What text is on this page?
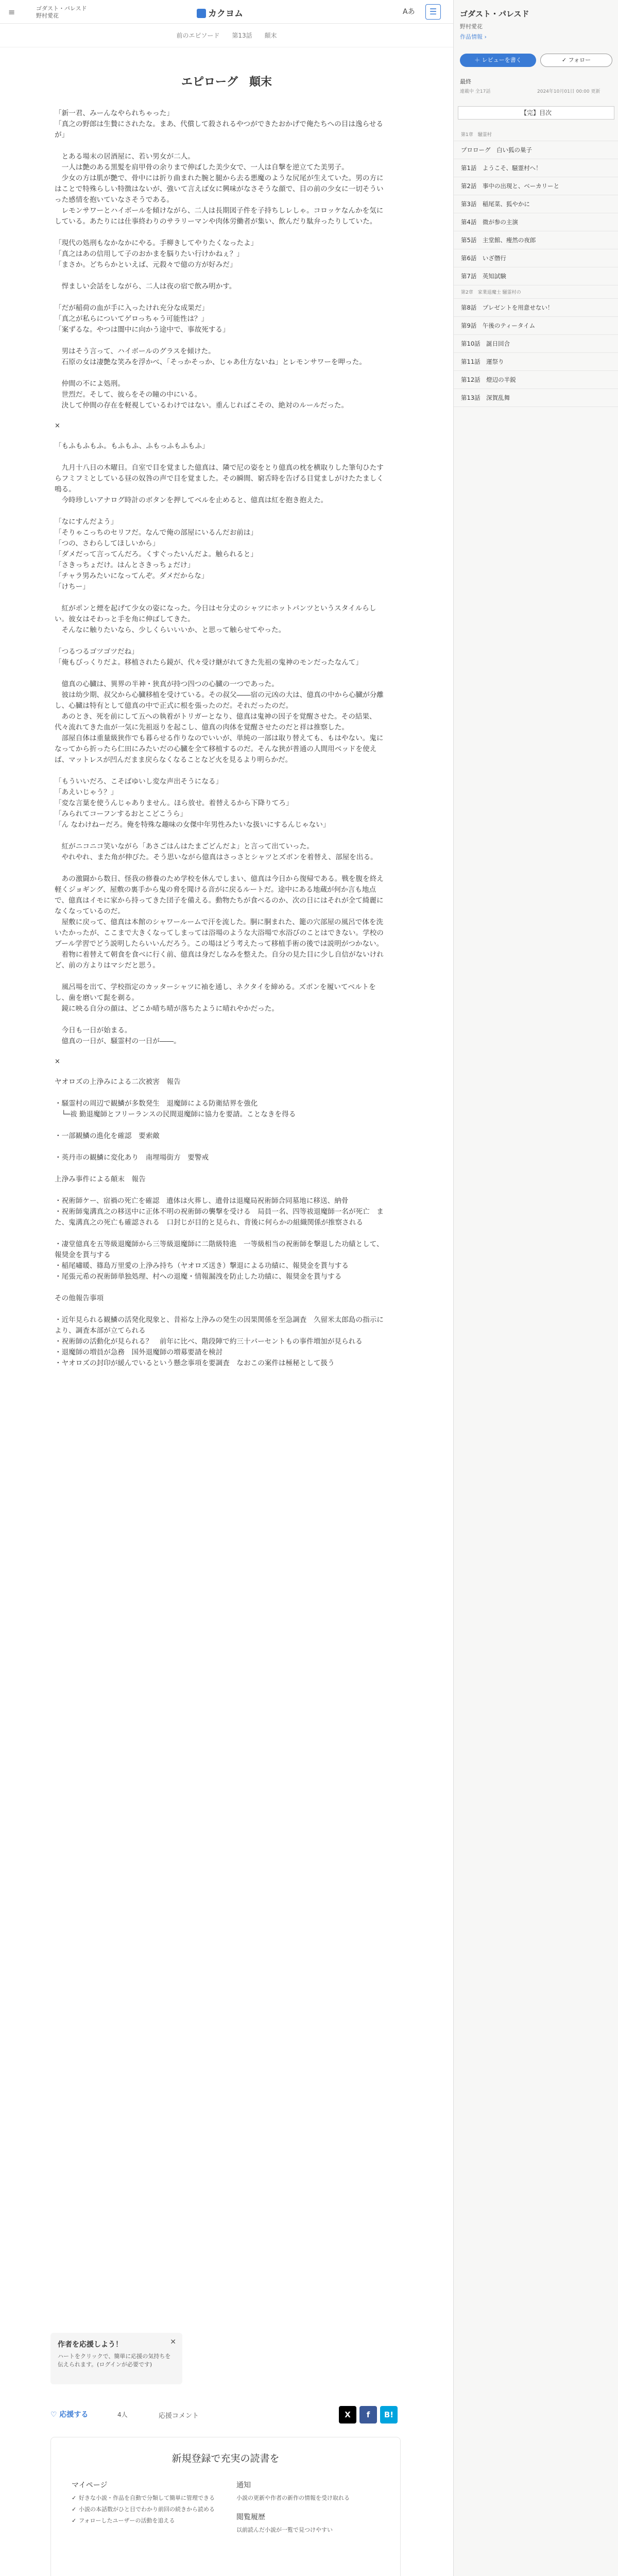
≡	ゴダスト・パレスド
野村愛花	カクヨム	Aあ	☰
前のエピソード 第13話 顛末
エピローグ　顛末
「新一君、みーんなやられちゃった」
「真之の野郎は生贄にされたな。まあ、代償して殺されるやつができたおかげで俺たちへの目は逸らせるが」
　とある場末の居酒屋に、若い男女が二人。
　一人は艶のある黒髪を肩甲骨の余りまで伸ばした美少女で、一人は自撃を逆立てた美男子。
　少女の方は肌が艶で、骨中には折り曲まれた腕と腿から去る悪魔のような尻尾が生えていた。男の方にはことで特殊らしい特徴はないが、強いて言えば女に興味がなさそうな顔で、目の前の少女に一切そういった感情を抱いていなさそうである。
　レモンサワーとハイボールを傾けながら、二人は長期図子件を子持ちしレしゃ。コロッケなんかを気にしている。あたりには仕事終わりのサラリーマンや肉体労働者が集い、飲んだり駄弁ったりしていた。
「現代の処刑もなかなかにやる。手柳きしてやりたくなったよ」
「真之はあの信用して子のおかまを脳りたい行けかねぇ？」
「まさか。どちらかといえば、元殺々で億の方が好みだ」
　悍ましい会話をしながら、二人は夜の宿で飲み明かす。
「だが稲荷の血が手に入ったけれ充分な成果だ」
「真之が私らについてゲロっちゃう可能性は？」
「案ずるな。やつは闇中に向かう途中で、事故死する」
　男はそう言って、ハイボールのグラスを傾けた。
　石原の女は凄艶な笑みを浮かべ、「そっかそっか、じゃあ仕方ないね」とレモンサワーを呷った。
　仲間の不によ処刑。
　世烈だ。そして、彼らをその瞳の中にいる。
　決して仲間の存在を軽視しているわけではない。重んじればこその、絶対のルールだった。
×
「もふもふもふ。もふもふ、ふもっふもふもふ」
　九月十八日の木曜日。自室で目を覚ました億真は、隣で尼の姿をとり億真の枕を横取りした筆句ひたすらフミフミとしている昼の奴咎の声で目を覚ました。その瞬間、窮舌時を告げる目覚ましがけたたましく鳴る。
　今時珍しいアナログ時計のボタンを押してベルを止めると、億真は紅を抱き抱えた。
「なにすんだよう」
「そりゃこっちのセリフだ。なんで俺の部屋にいるんだお前は」
「つの、さわらしてほしいから」
「ダメだって言ってんだろ。くすぐったいんだよ。触られると」
「さきっちょだけ。はんとさきっちょだけ」
「チャラ男みたいになってんぞ。ダメだからな」
「けちー」
　紅がポンと煙を起げて少女の姿になった。今日はセ分丈のシャツにホットパンツというスタイルらしい。彼女はそわっと手を角に伸ばしてきた。
　そんなに触りたいなら、少しくらいいいか、と思って触らせてやった。
「つるつるゴツゴツだね」
「俺もびっくりだよ。移植されたら鏡が、代々受け継がれてきた先祖の鬼神のモンだったなんて」
　億真の心臓は、異界の半神・狭真が持つ四つの心臓の一つであった。
　彼は幼少期、叔父から心臓移植を受けている。その叔父――宿の元凶の大は、億真の中から心臓が分離し、心臓は特有として億真の中で正式に根を張ったのだ。それだったのだ。
　あのとき、死を前にして五への執着がトリガーとなり、億真は鬼神の因子を覚醒させた。その結果、代々流れてきた血が一気に先祖返りを起こし、億真の肉体を覚醒させたのだと祥は推察した。
　部屋自体は重量級狭作でも暮らせる作りなのでいいが、単純の一部は取り替えても、もはやない。鬼になってから折ったら仁田にみたいだの心臓を全て移植するのだ。そんな狭が普通の人間用ベッドを使えば、マットレスが凹んだまま戻らなくなることなど火を見るより明らかだ。
「もういいだろ、こそばゆいし変な声出そうになる」
「あえいじゃう？」
「変な言葉を使うんじゃありません。ほら放せ。着替えるから下降りてろ」
「みられてコーフンするおとこどこうら」
「ん なわけねーだろ。俺を特殊な趣味の女傑中年男性みたいな扱いにするんじゃない」
　紅がニコニコ笑いながら「あさごはんはたまごどんだよ」と言って出ていった。
　やれやれ、また角が伸びた。そう思いながら億真はさっさとシャツとズボンを着替え、部屋を出る。
　あの激闘から数日、怪我の修養のため学校を休んでしまい、億真は今日から復帰である。戦を腹を終え軽くジョギング、屋敷の裏手から鬼の脅を聞ける音がに戻るルートだ。途中にある地蔵が何か言も地点で、億真はイモに家から持ってきた団子を備える。動物たちが食べるのか、次の日にはそれが全て綺麗になくなっているのだ。
　屋敷に戻って、億真は本館のシャワールームで汗を流した。胴に胴まれた、籠の穴部屋の風呂で体を洗いたかったが、ここまで大きくなってしまっては浴場のような大浴場で水浴びのことはできない。学校のブール学習でどう説明したらいいんだろう。この場はどう考えたって移植手術の後では説明がつかない。
　着物に着替えて朝食を食べに行く前、億真は身だしなみを整えた。自分の見た目に少し自信がないけれど、前の方よりはマシだと思う。
　風呂場を出て、学校指定のカッターシャツに袖を通し、ネクタイを締める。ズボンを履いてベルトを し、歯を磨いて髭を剃る。
　鏡に映る自分の顔は、どこか晴ち晴が落ちたように晴れやかだった。
　今日も一日が始まる。
　億真の一日が、騒霊村の一日が――。
×
ヤオロズの上浄みによる二次被害　報告
・騒霊村の周辺で観鱗が多数発生　退魔師による防衛結界を強化
　└─祓 勤退魔師とフリーランスの民間退魔師に協力を要請。ことなきを得る
・一部観鱗の進化を確認　要索敵
・英丹市の観鱗に変化あり　南埋場街方　要警戒
上浄み事件による顛末　報告
・祝術師ケー、宿禍の死亡を確認　遺体は火葬し、遺骨は退魔局祝術師合同墓地に移送、納骨
・祝術師鬼溝真之の移送中に正体不明の祝術師の襲撃を受ける　局員一名、四等祓退魔師一名が死亡　また、鬼溝真之の死亡も確認される　口封じが目的と見られ、背後に何らかの組織関係が推察される
・凄堂億真を五等級退魔師から三等級退魔師に二階級特進　一等級相当の祝術師を撃退した功績として、報奨金を貰与する
・稲尾嘯暖、篠島万里愛の上浄み持ち（ヤオロズ送き）撃退による功績に、報奨金を貰与する
・尾張元希の祝術師単独処理、村への退魔・情報漏洩を防止した功績に、報奨金を貰与する
その他報告事項
・近年見られる観鱗の活発化現象と、昔裕な上浄みの発生の因果関係を至急調査　久留米太郎島の指示により、調査本部が立てられる
・祝術師の活動化が見られる？　前年に比べ、階段陣で約三十パーセントもの事件増加が見られる
・退魔師の増員が急務　国外退魔師の増募要請を検討
・ヤオロズの封印が緩んでいるという懸念事項を要調査　なおこの案件は極秘として扱う
作者を応援しよう！
ハートをクリックで、簡単に応援の気持ちを伝えられます。(ログインが必要です)
✕
♡ 応援する	4人	応援コメント	X	f	B!
新規登録で充実の読書を
マイページ
✓ 好きな小説・作品を自動で分類して簡単に管理できる
✓ 小説の本話数がひと目でわかり前回の続きから読める
✓ フォローしたユーザーの活動を追える
通知
小説の更新や作者の新作の情報を受け取れる
閲覧履歴
以前読んだ小説が一覧で見つけやすい
ゴダスト・パレスド
野村愛花
作品情報 ›
＋ レビューを書く	✓ フォロー
最終
連載中 全17話	2024年10月01日 00:00 更新
【完】目次
第1章　騒霊村
プロローグ　白い狐の巣子
第1話　ようこそ、騒霊村へ！
第2話　事中の出現と、ベーカリーと
第3話　稲尾菜、狐やかに
第4話　微が参の主演
第5話　主堂館、痩然の夜郎
第6話　いざ僭行
第7話　英知試験
第2章　家業退魔士 騒霊村の
第8話　プレゼントを用意せない！
第9話　午後のティータイム
第10話　誕日回合
第11話　運祭り
第12話　燈辺の半鋭
第13話　深賀乱舞
